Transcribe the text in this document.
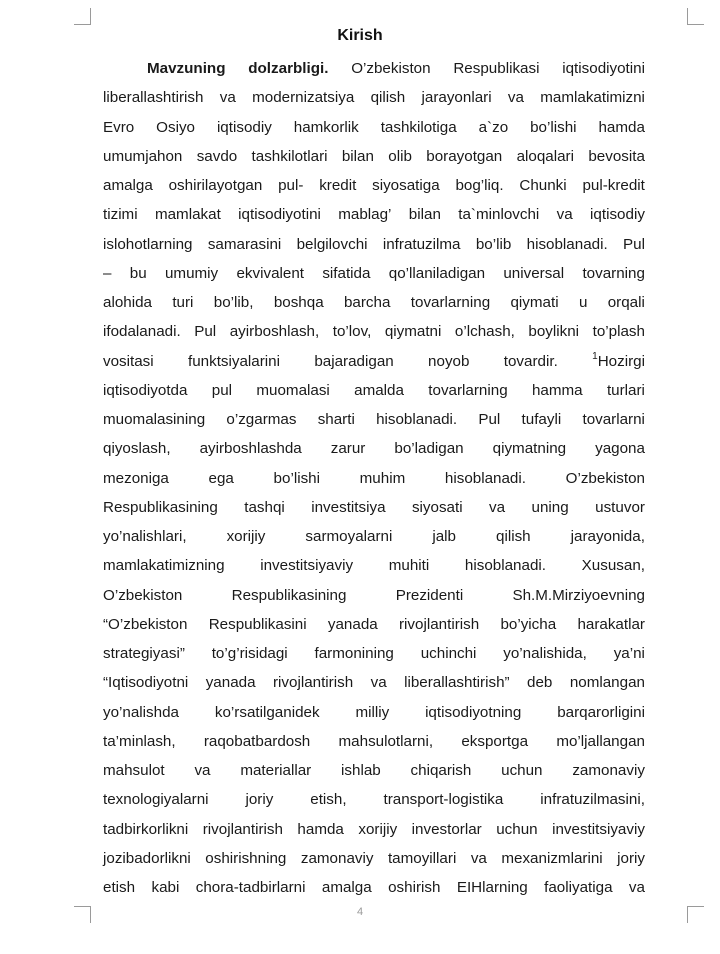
Kirish
Mavzuning dolzarbligi. O’zbekiston Respublikasi iqtisodiyotini
liberallashtirish va modernizatsiya qilish jarayonlari va mamlakatimizni
Evro Osiyo iqtisodiy hamkorlik tashkilotiga a`zo bo’lishi hamda
umumjahon savdo tashkilotlari bilan olib borayotgan aloqalari bevosita
amalga oshirilayotgan pul- kredit siyosatiga bog’liq. Chunki pul-kredit
tizimi mamlakat iqtisodiyotini mablag’ bilan ta`minlovchi va iqtisodiy
islohotlarning samarasini belgilovchi infratuzilma bo’lib hisoblanadi. Pul
– bu umumiy ekvivalent sifatida qo’llaniladigan universal tovarning
alohida turi bo’lib, boshqa barcha tovarlarning qiymati u orqali
ifodalanadi. Pul ayirboshlash, to’lov, qiymatni o’lchash, boylikni to’plash
vositasi funktsiyalarini bajaradigan noyob tovardir.	1Hozirgi
iqtisodiyotda pul muomalasi amalda tovarlarning hamma turlari
muomalasining o’zgarmas sharti hisoblanadi. Pul tufayli tovarlarni
qiyoslash, ayirboshlashda zarur bo’ladigan qiymatning yagona
mezoniga	ega	bo’lishi	muhim	hisoblanadi.	O’zbekiston
Respublikasining tashqi investitsiya siyosati va uning ustuvor
yo’nalishlari,	xorijiy	sarmoyalarni	jalb	qilish	jarayonida,
mamlakatimizning investitsiyaviy muhiti hisoblanadi. Xususan,
O’zbekiston	Respublikasining	Prezidenti	Sh.M.Mirziyoevning
“O’zbekiston Respublikasini yanada rivojlantirish bo’yicha harakatlar
strategiyasi” to’g’risidagi farmonining uchinchi yo’nalishida, ya’ni
“Iqtisodiyotni yanada rivojlantirish va liberallashtirish” deb nomlangan
yo’nalishda ko’rsatilganidek milliy iqtisodiyotning barqarorligini
ta’minlash, raqobatbardosh mahsulotlarni, eksportga mo’ljallangan
mahsulot va materiallar ishlab chiqarish uchun zamonaviy
texnologiyalarni joriy etish, transport-logistika infratuzilmasini,
tadbirkorlikni rivojlantirish hamda xorijiy investorlar uchun investitsiyaviy
jozibadorlikni oshirishning zamonaviy tamoyillari va mexanizmlarini joriy
etish kabi chora-tadbirlarni amalga oshirish EIHlarning faoliyatiga va
4
